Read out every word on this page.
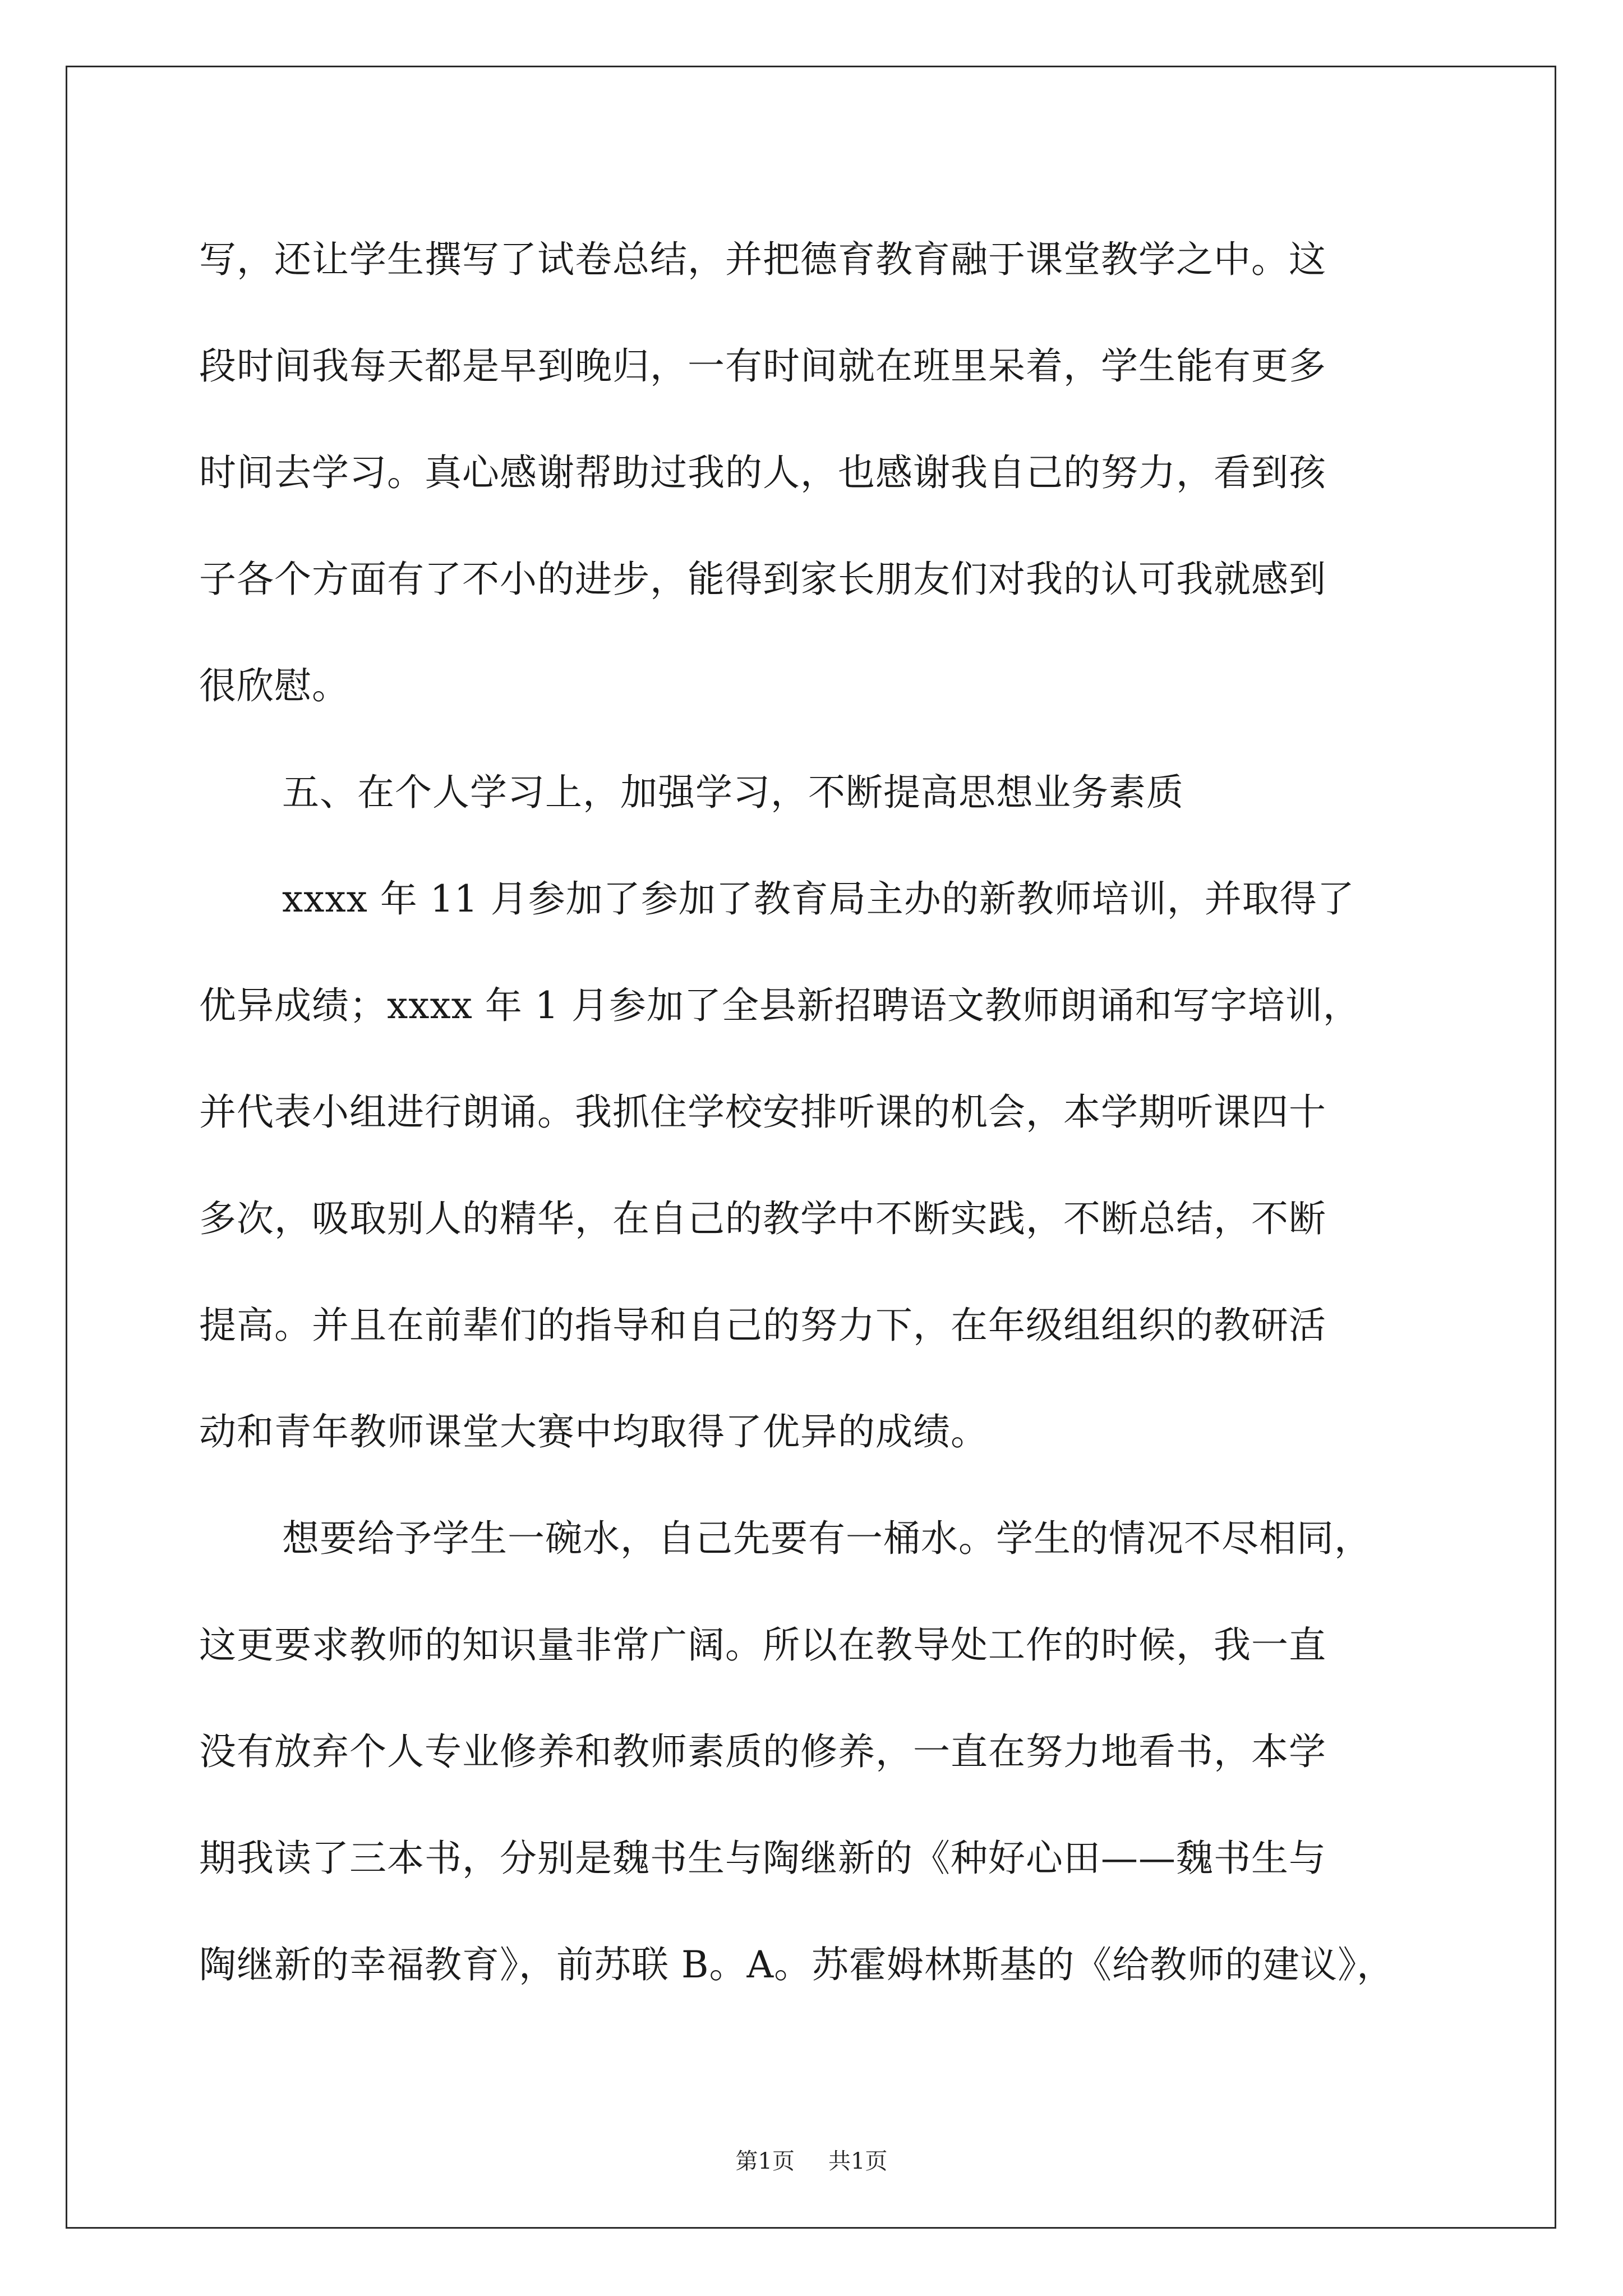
写，还让学生撰写了试卷总结，并把德育教育融于课堂教学之中。这
段时间我每天都是早到晚归，一有时间就在班里呆着，学生能有更多
时间去学习。真心感谢帮助过我的人，也感谢我自己的努力，看到孩
子各个方面有了不小的进步，能得到家长朋友们对我的认可我就感到
很欣慰。
五、在个人学习上，加强学习，不断提高思想业务素质
xxxx 年 11 月参加了参加了教育局主办的新教师培训，并取得了
优异成绩；xxxx 年 1 月参加了全县新招聘语文教师朗诵和写字培训，
并代表小组进行朗诵。我抓住学校安排听课的机会，本学期听课四十
多次，吸取别人的精华，在自己的教学中不断实践，不断总结，不断
提高。并且在前辈们的指导和自己的努力下，在年级组组织的教研活
动和青年教师课堂大赛中均取得了优异的成绩。
想要给予学生一碗水，自己先要有一桶水。学生的情况不尽相同，
这更要求教师的知识量非常广阔。所以在教导处工作的时候，我一直
没有放弃个人专业修养和教师素质的修养，一直在努力地看书，本学
期我读了三本书，分别是魏书生与陶继新的《种好心田——魏书生与
陶继新的幸福教育》，前苏联 B。A。苏霍姆林斯基的《给教师的建议》，
第1页 共1页
